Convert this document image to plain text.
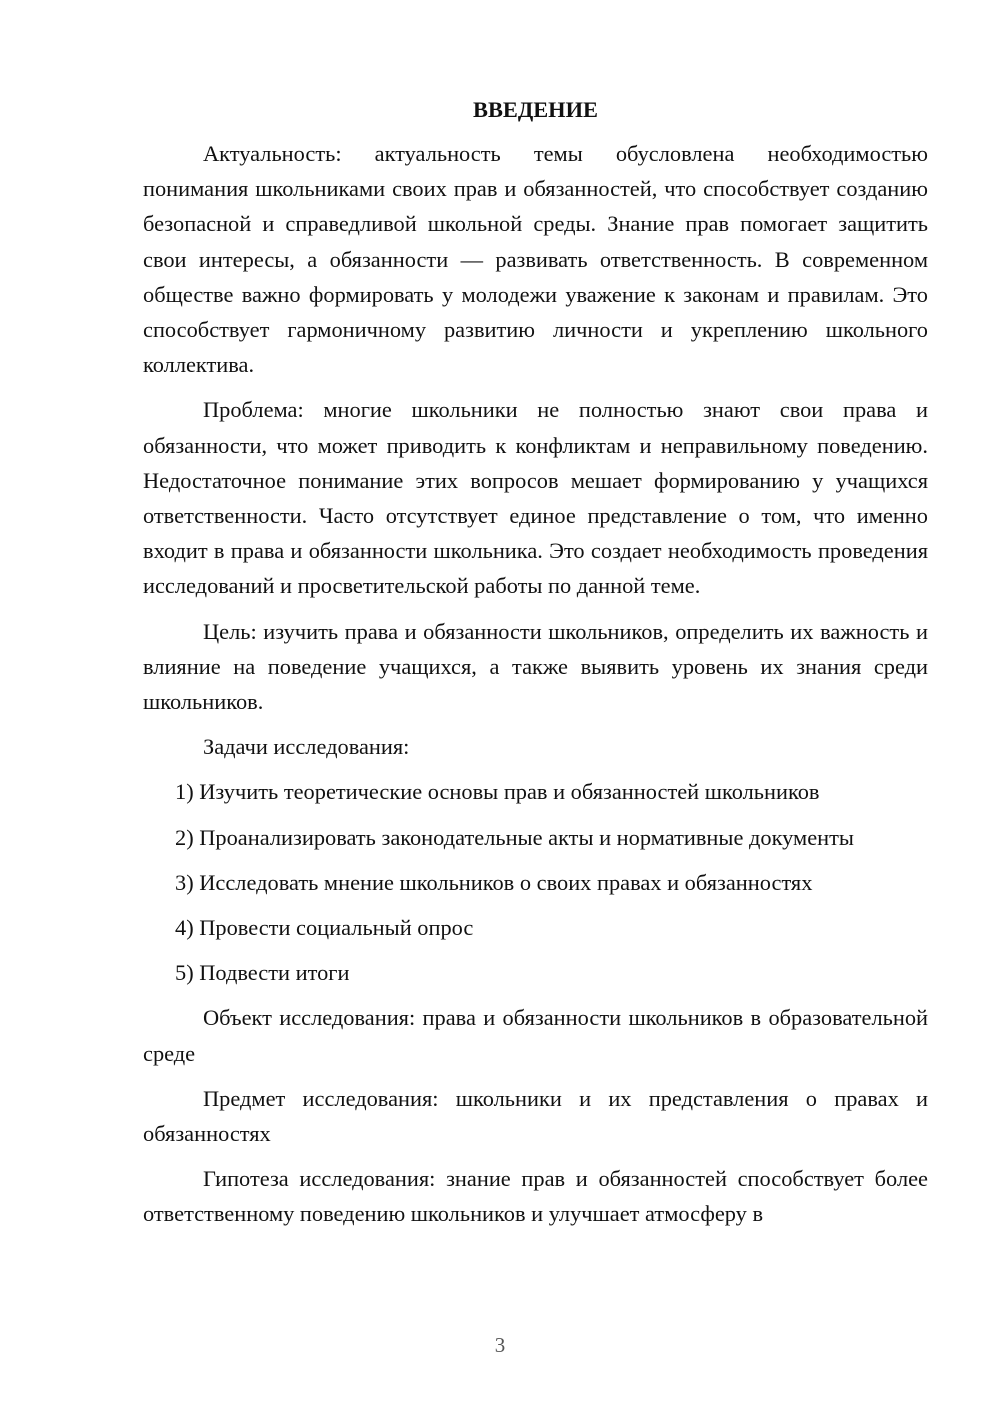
ВВЕДЕНИЕ

Актуальность: актуальность темы обусловлена необходимостью понимания школьниками своих прав и обязанностей, что способствует созданию безопасной и справедливой школьной среды. Знание прав помогает защитить свои интересы, а обязанности — развивать ответственность. В современном обществе важно формировать у молодежи уважение к законам и правилам. Это способствует гармоничному развитию личности и укреплению школьного коллектива.

Проблема: многие школьники не полностью знают свои права и обязанности, что может приводить к конфликтам и неправильному поведению. Недостаточное понимание этих вопросов мешает формированию у учащихся ответственности. Часто отсутствует единое представление о том, что именно входит в права и обязанности школьника. Это создает необходимость проведения исследований и просветительской работы по данной теме.

Цель: изучить права и обязанности школьников, определить их важность и влияние на поведение учащихся, а также выявить уровень их знания среди школьников.

Задачи исследования:

1) Изучить теоретические основы прав и обязанностей школьников

2) Проанализировать законодательные акты и нормативные документы

3) Исследовать мнение школьников о своих правах и обязанностях

4) Провести социальный опрос

5) Подвести итоги

Объект исследования: права и обязанности школьников в образовательной среде

Предмет исследования: школьники и их представления о правах и обязанностях

Гипотеза исследования: знание прав и обязанностей способствует более ответственному поведению школьников и улучшает атмосферу в

3
